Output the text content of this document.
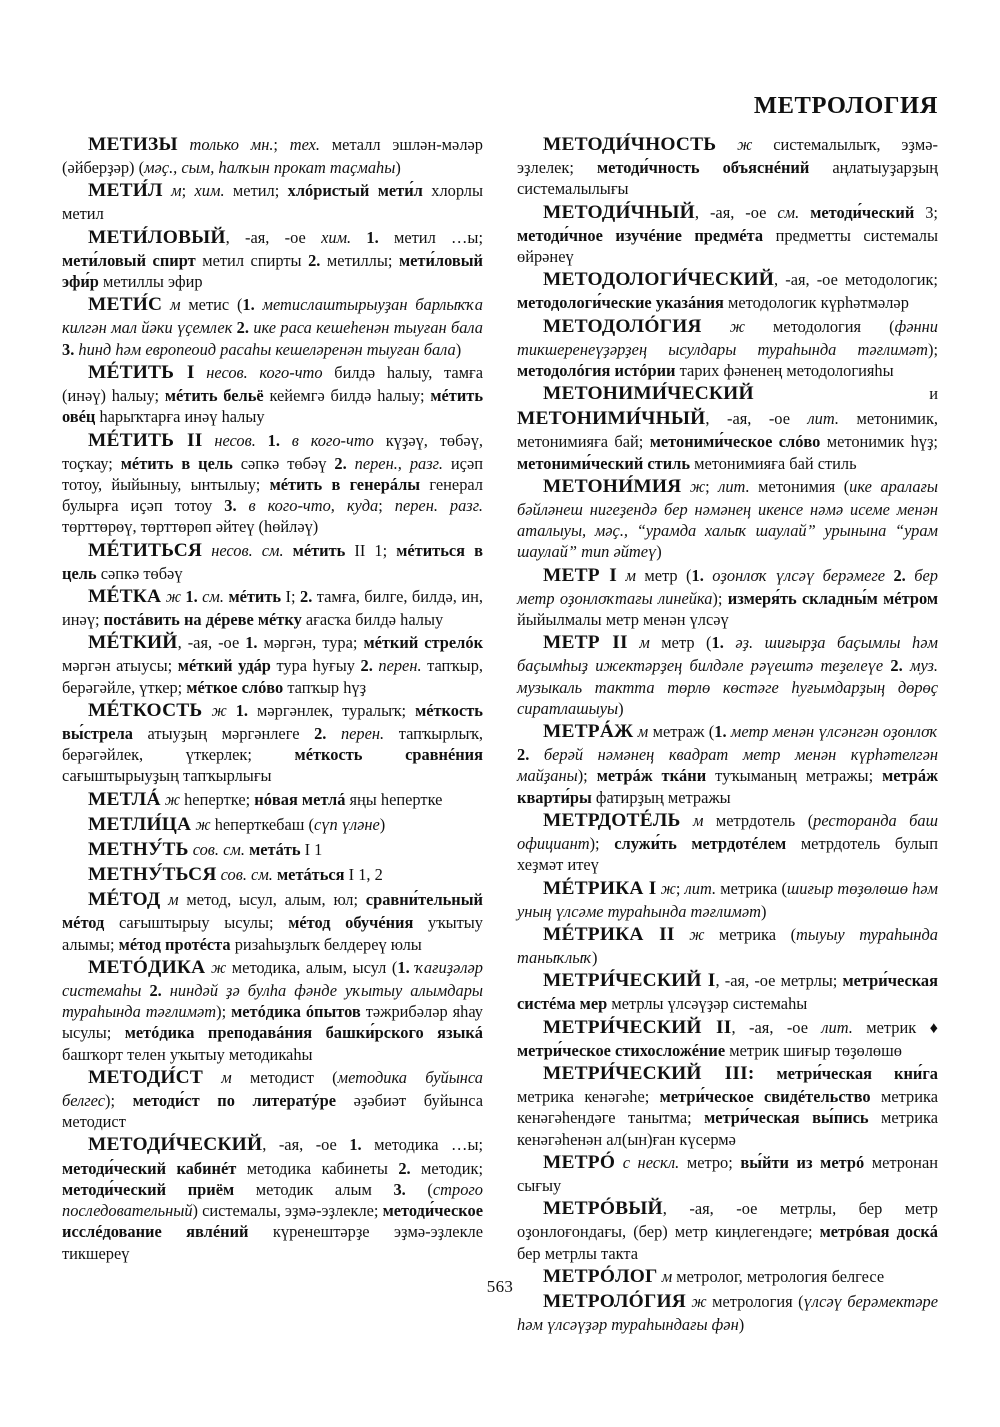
МЕТРОЛОГИЯ

МЕТИЗЫ только мн.; тех. металл эшлән-мәләр (әйберҙәр) (мәҫ., сым, һалҡын прокат таҫмаһы)

МЕТИ́Л м; хим. метил; хлóристый мети́л хлорлы метил

МЕТИ́ЛОВЫЙ, -ая, -ое хим. 1. метил …ы; мети́ловый спирт метил спирты 2. метиллы; мети́ловый эфи́р метиллы эфир

МЕТИ́С м метис (1. метислаштырыуҙан барлыҡҡа килгән мал йәки үҫемлек 2. ике раса кешеһенән тыуған бала 3. һинд һәм европеоид раcаһы кешеләренән тыуған бала)

МÉТИТЬ I несов. кого-что билдә һалыу, тамға (инәү) һалыу; мéтить бельё кейемгә билдә һалыу; мéтить овéц һарыҡтарға инәү һалыу

МÉТИТЬ II несов. 1. в кого-что күҙәү, төбәү, тоҫҡау; мéтить в цель сәпкә төбәү 2. перен., разг. иҫәп тотоу, йыйыныу, ынтылыу; мéтить в генерáлы генерал булырға иҫәп тотоу 3. в кого-что, куда; перен. разг. төрттөрөү, төрттөрөп әйтеү (һөйләү)

МÉТИТЬСЯ несов. см. мéтить II 1; мéтиться в цель сәпкә төбәү

МÉТКА ж 1. см. мéтить I; 2. тамға, билге, билдә, ин, инәү; постáвить на дéреве мéтку ағасҡа билдә һалыу

МÉТКИЙ, -ая, -ое 1. мәргән, тура; мéткий стрелóк мәргән атыусы; мéткий удáр тура һуғыу 2. перен. тапҡыр, берәгәйле, үткер; мéткое слóво тапҡыр һүҙ

МÉТКОСТЬ ж 1. мәргәнлек, туралыҡ; мéткость вы́стрела атыуҙың мәргәнлеге 2. перен. тапҡырлыҡ, берәгәйлек, үткерлек; мéткость сравнéния сағыштырыуҙың тапҡырлығы

МЕТЛÁ ж һепертке; нóвая метлá яңы һепертке

МЕТЛИ́ЦА ж һеперткебаш (сүп үләне)

МЕТНУ́ТЬ сов. см. метáть I 1

МЕТНУ́ТЬСЯ сов. см. метáться I 1, 2

МÉТОД м метод, ысул, алым, юл; сравни́тельный мéтод сағыштырыу ысулы; мéтод обучéния уҡытыу алымы; мéтод протéста ризаһыҙлыҡ белдереү юлы

МЕТÓДИКА ж методика, алым, ысул (1. ҡағиҙәләр системаһы 2. ниндәй ҙә булһа фәнде уҡытыу алымдары тураһында тәғлимәт); метóдика óпытов тәжрибәләр яһау ысулы; метóдика преподавáния башки́рского языкá башҡорт телен уҡытыу методикаһы

МЕТОДИ́СТ м методист (методика буйынса белгес); методи́ст по литератýре әҙәбиәт буйынса методист

МЕТОДИ́ЧЕСКИЙ, -ая, -ое 1. методика …ы; методи́ческий кабинéт методика кабинеты 2. методик; методи́ческий приём методик алым 3. (строго последовательный) системалы, эҙмә-эҙлекле; методи́ческое исслéдование явлéний күренештәрҙе эҙмә-эҙлекле тикшереү

МЕТОДИ́ЧНОСТЬ ж системалылыҡ, эҙмә-эҙлелек; методи́чность объяснéний аңлатыуҙарҙың системалылығы

МЕТОДИ́ЧНЫЙ, -ая, -ое см. методи́ческий 3; методи́чное изучéние предмéта предметты системалы өйрәнеү

МЕТОДОЛОГИ́ЧЕСКИЙ, -ая, -ое методологик; методологи́ческие указáния методологик күрһәтмәләр

МЕТОДОЛÓГИЯ ж методология (фәнни тикшеренеүҙәрҙең ысулдары тураһында тәғлимәт); методолóгия истóрии тарих фәненең методологияһы

МЕТОНИМИ́ЧЕСКИЙ и МЕТОНИМИ́ЧНЫЙ, -ая, -ое лит. метонимик, метонимияға бай; метоними́ческое слóво метонимик һүҙ; метоними́ческий стиль метонимияға бай стиль

МЕТОНИ́МИЯ ж; лит. метонимия (ике аралағы бәйләнеш нигеҙендә бер нәмәнең икенсе нәмә исеме менән аталыуы, мәҫ., “урамда халыҡ шаулай” урынына “урам шаулай” тип әйтеү)

МЕТР I м метр (1. оҙонлоҡ үлсәү берәмеге 2. бер метр оҙонлоҡтағы линейка); измеря́ть складны́м мéтром йыйылмалы метр менән үлсәү

МЕТР II м метр (1. әҙ. шиғырҙа баҫымлы һәм баҫымһыҙ ижектәрҙең билдәле рәүештә теҙелеүе 2. муз. музыкаль тактта төрлө көстәге һуғымдарҙың дөрөҫ сиратлашыуы)

МЕТРÁЖ м метраж (1. метр менән үлсәнгән оҙонлоҡ 2. берәй нәмәнең квадрат метр менән күрһәтелгән майҙаны); метрáж ткáни туҡыманың метражы; метрáж кварти́ры фатирҙың метражы

МЕТРДОТÉЛЬ м метрдотель (ресторанда баш официант); служи́ть метрдотéлем метрдотель булып хеҙмәт итеү

МÉТРИКА I ж; лит. метрика (шиғыр төҙөлөшө һәм уның үлсәме тураһында тәғлимәт)

МÉТРИКА II ж метрика (тыуыу тураһында таныҡлыҡ)

МЕТРИ́ЧЕСКИЙ I, -ая, -ое метрлы; метри́ческая систéма мер метрлы үлсәүҙәр системаһы

МЕТРИ́ЧЕСКИЙ II, -ая, -ое лит. метрик ♦ метри́ческое стихосложéние метрик шиғыр төҙөлөшө

МЕТРИ́ЧЕСКИЙ III: метри́ческая кни́га метрика кенәгәһе; метри́ческое свидéтельство метрика кенәгәһендәге танытма; метри́ческая вы́пись метрика кенәгәһенән ал(ын)ған күсермә

МЕТРÓ с нескл. метро; вы́йти из метрó метронан сығыу

МЕТРÓВЫЙ, -ая, -ое метрлы, бер метр оҙонлоғондағы, (бер) метр киңлегендәге; метрóвая доскá бер метрлы такта

МЕТРÓЛОГ м метролог, метрология белгесе

МЕТРОЛÓГИЯ ж метрология (үлсәү берәмектәре һәм үлсәүҙәр тураһындағы фән)

563
